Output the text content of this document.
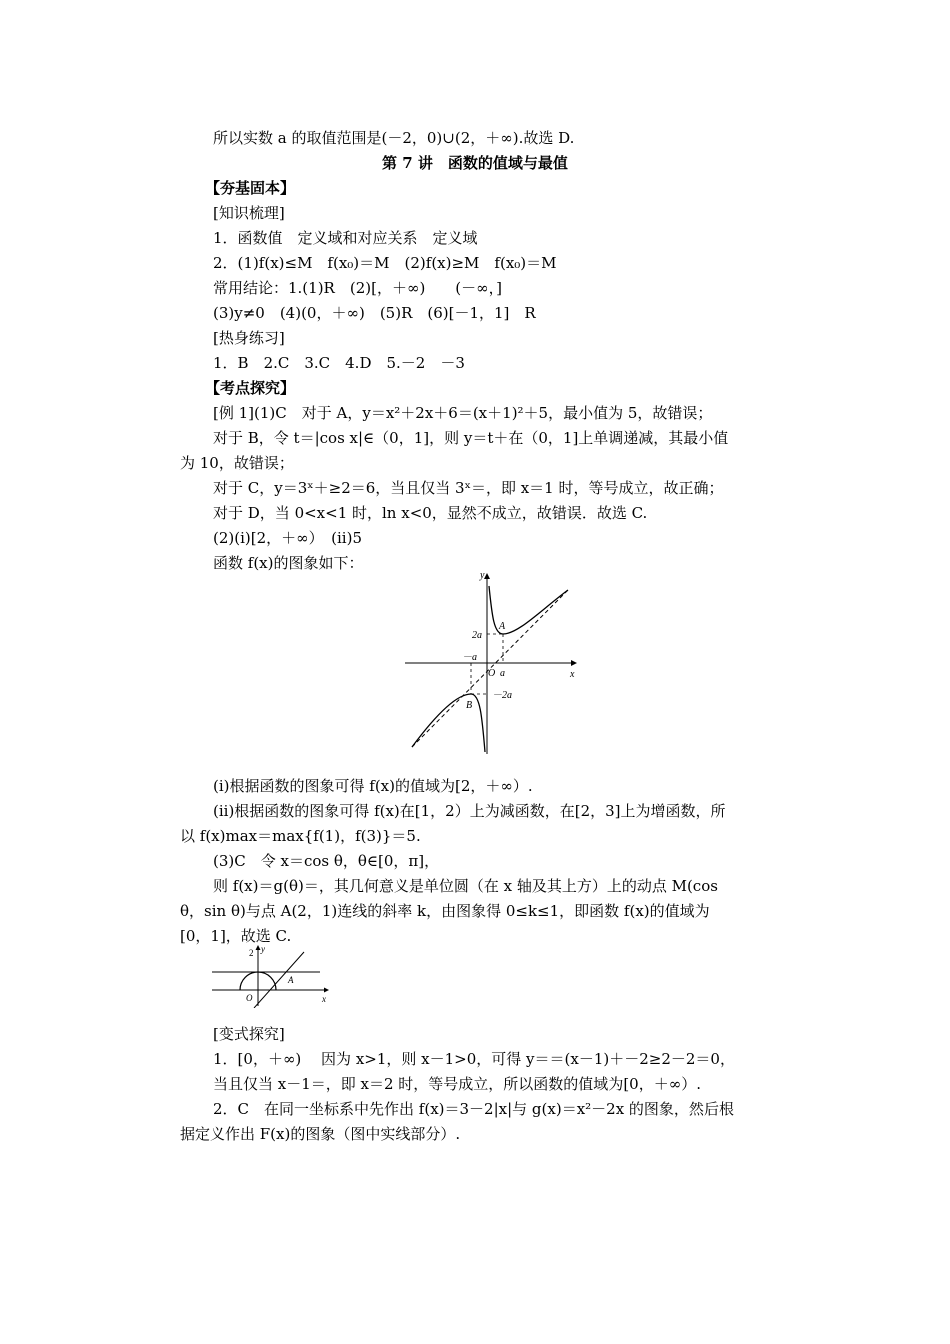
所以实数 a 的取值范围是(－2，0)∪(2，＋∞).故选 D.
第 7 讲　函数的值域与最值
【夯基固本】
[知识梳理]
1．函数值　定义域和对应关系　定义域
2．(1)f(x)≤M　f(x₀)＝M　(2)f(x)≥M　f(x₀)＝M
常用结论：1.(1)R　(2)[，＋∞)　　(－∞，]
(3)y≠0　(4)(0，＋∞)　(5)R　(6)[－1，1]　R
[热身练习]
1．B　2.C　3.C　4.D　5.－2　－3
【考点探究】
[例 1](1)C　对于 A，y＝x²＋2x＋6＝(x＋1)²＋5，最小值为 5，故错误；
对于 B，令 t＝|cos x|∈（0，1]，则 y＝t＋在（0，1]上单调递减，其最小值
为 10，故错误；
对于 C，y＝3ˣ＋≥2＝6，当且仅当 3ˣ＝，即 x＝1 时，等号成立，故正确；
对于 D，当 0<x<1 时，ln x<0，显然不成立，故错误．故选 C.
(2)(i)[2，＋∞）　(ii)5
函数 f(x)的图象如下：
y
x
O
2a
－a
a
－2a
A
B
(i)根据函数的图象可得 f(x)的值域为[2，＋∞）.
(ii)根据函数的图象可得 f(x)在[1，2）上为减函数，在[2，3]上为增函数，所
以 f(x)max＝max{f(1)，f(3)}＝5.
(3)C　令 x＝cos θ，θ∈[0，π]，
则 f(x)＝g(θ)＝，其几何意义是单位圆（在 x 轴及其上方）上的动点 M(cos
θ，sin θ)与点 A(2，1)连线的斜率 k，由图象得 0≤k≤1，即函数 f(x)的值域为
[0，1]，故选 C.
y
x
O
2
A
[变式探究]
1．[0，＋∞)　 因为 x>1，则 x－1>0，可得 y＝＝(x－1)＋－2≥2－2＝0，
当且仅当 x－1＝，即 x＝2 时，等号成立，所以函数的值域为[0，＋∞）.
2．C　在同一坐标系中先作出 f(x)＝3－2|x|与 g(x)＝x²－2x 的图象，然后根
据定义作出 F(x)的图象（图中实线部分）.
